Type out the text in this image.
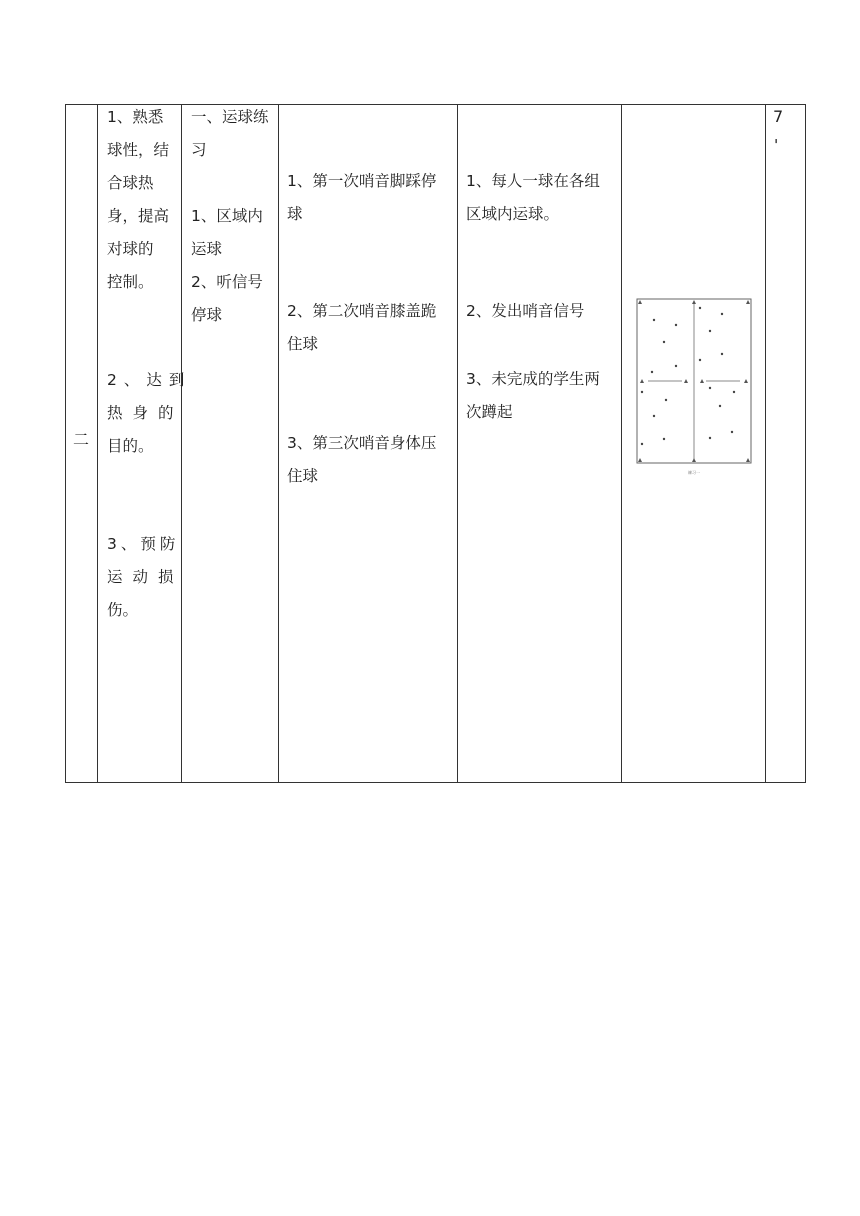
二
1、熟悉
球性，结
合球热
身，提高
对球的
控制。
2、达到
热身的
目的。
3、预防
运动损
伤。
一、运球练
习
1、区域内
运球
2、听信号
停球
1、第一次哨音脚踩停
球
2、第二次哨音膝盖跪
住球
3、第三次哨音身体压
住球
1、每人一球在各组
区域内运球。
2、发出哨音信号
3、未完成的学生两
次蹲起
練习一
7
'
